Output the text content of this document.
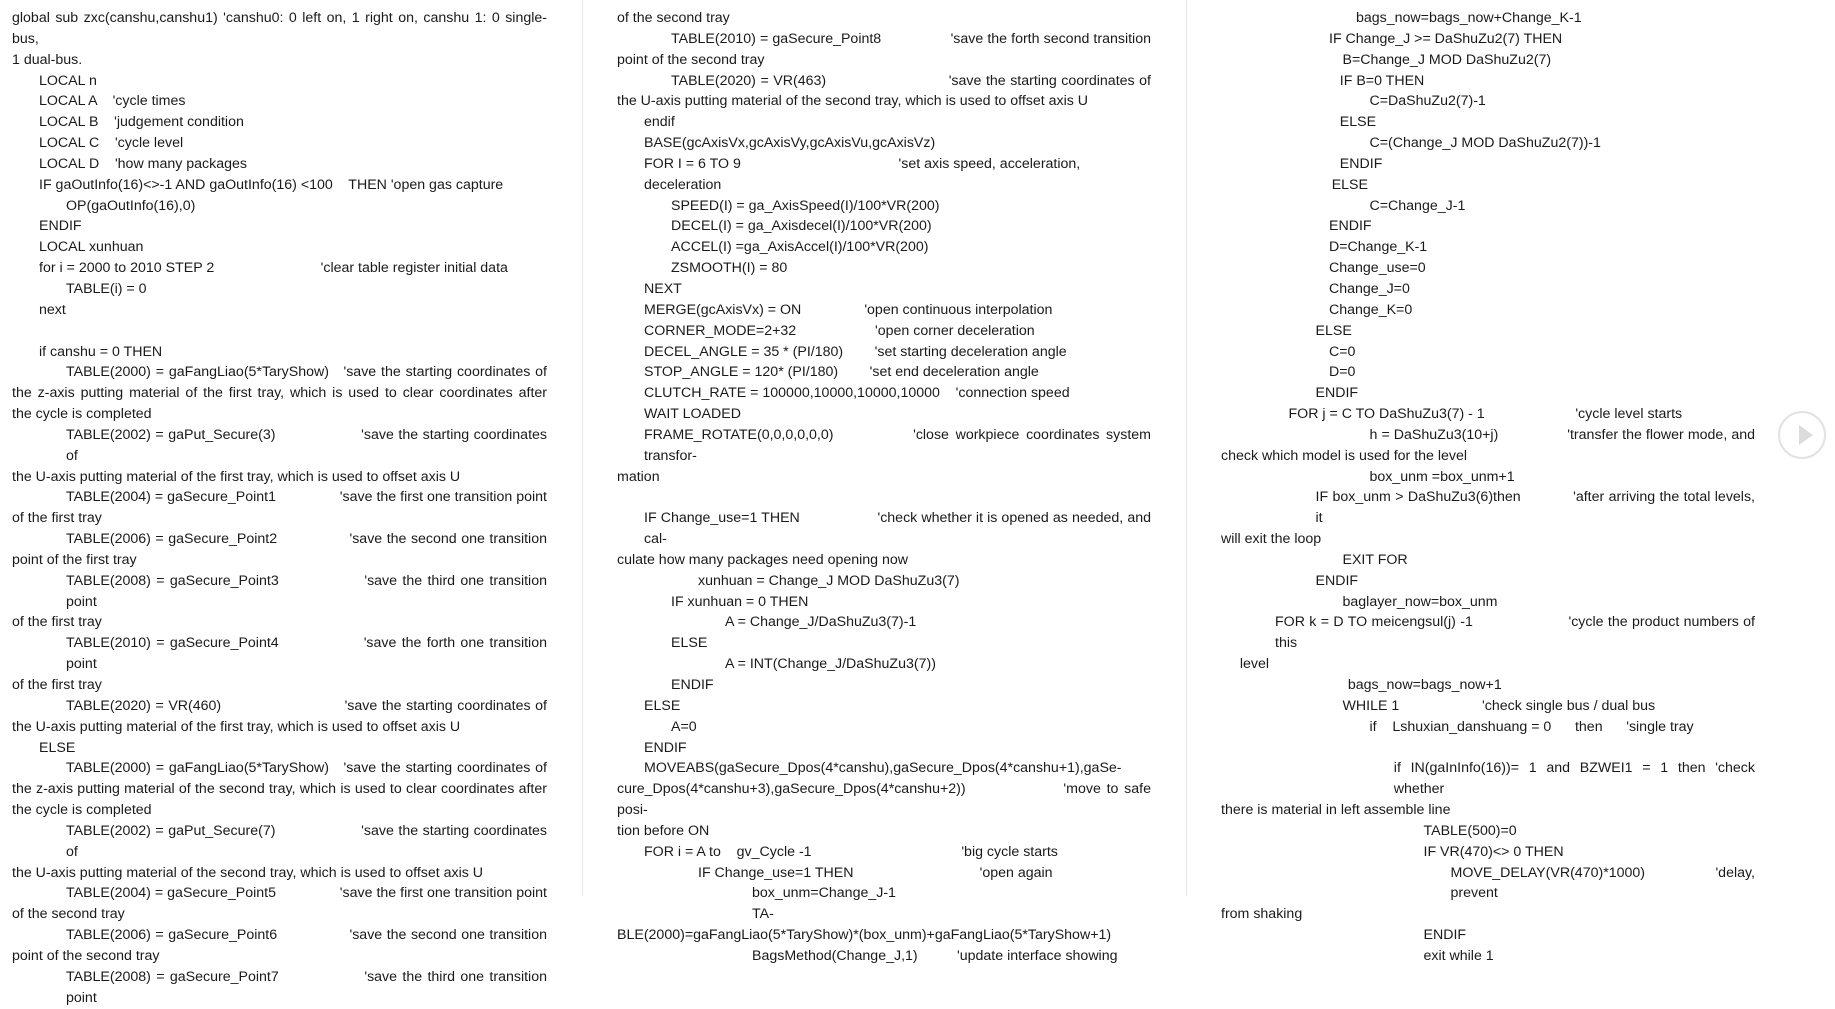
global sub zxc(canshu,canshu1) 'canshu0: 0 left on, 1 right on, canshu 1: 0 single-bus,
1 dual-bus.
LOCAL n
LOCAL A    'cycle times
LOCAL B    'judgement condition
LOCAL C    'cycle level
LOCAL D    'how many packages
IF gaOutInfo(16)<>-1 AND gaOutInfo(16) <100    THEN 'open gas capture
OP(gaOutInfo(16),0)
ENDIF
LOCAL xunhuan
for i = 2000 to 2010 STEP 2                           'clear table register initial data
TABLE(i) = 0
next
if canshu = 0 THEN
TABLE(2000) = gaFangLiao(5*TaryShow)   'save the starting coordinates of
the z-axis putting material of the first tray, which is used to clear coordinates after
the cycle is completed
TABLE(2002) = gaPut_Secure(3)                   'save the starting coordinates of
the U-axis putting material of the first tray, which is used to offset axis U
TABLE(2004) = gaSecure_Point1                'save the first one transition point
of the first tray
TABLE(2006) = gaSecure_Point2                'save the second one transition
point of the first tray
TABLE(2008) = gaSecure_Point3                'save the third one transition point
of the first tray
TABLE(2010) = gaSecure_Point4                'save the forth one transition point
of the first tray
TABLE(2020) = VR(460)                           'save the starting coordinates of
the U-axis putting material of the first tray, which is used to offset axis U
ELSE
TABLE(2000) = gaFangLiao(5*TaryShow)   'save the starting coordinates of
the z-axis putting material of the second tray, which is used to clear coordinates after
the cycle is completed
TABLE(2002) = gaPut_Secure(7)                   'save the starting coordinates of
the U-axis putting material of the second tray, which is used to offset axis U
TABLE(2004) = gaSecure_Point5                'save the first one transition point
of the second tray
TABLE(2006) = gaSecure_Point6                'save the second one transition
point of the second tray
TABLE(2008) = gaSecure_Point7                'save the third one transition point
of the second tray
TABLE(2010) = gaSecure_Point8                 'save the forth second transition
point of the second tray
TABLE(2020) = VR(463)                           'save the starting coordinates of
the U-axis putting material of the second tray, which is used to offset axis U
endif
BASE(gcAxisVx,gcAxisVy,gcAxisVu,gcAxisVz)
FOR I = 6 TO 9                                        'set axis speed, acceleration, deceleration
SPEED(I) = ga_AxisSpeed(I)/100*VR(200)
DECEL(I) = ga_Axisdecel(I)/100*VR(200)
ACCEL(I) =ga_AxisAccel(I)/100*VR(200)
ZSMOOTH(I) = 80
NEXT
MERGE(gcAxisVx) = ON                'open continuous interpolation
CORNER_MODE=2+32                    'open corner deceleration
DECEL_ANGLE = 35 * (PI/180)        'set starting deceleration angle
STOP_ANGLE = 120* (PI/180)        'set end deceleration angle
CLUTCH_RATE = 100000,10000,10000,10000    'connection speed
WAIT LOADED
FRAME_ROTATE(0,0,0,0,0,0)            'close workpiece coordinates system transfor-
mation
IF Change_use=1 THEN                   'check whether it is opened as needed, and cal-
culate how many packages need opening now
xunhuan = Change_J MOD DaShuZu3(7)
IF xunhuan = 0 THEN
A = Change_J/DaShuZu3(7)-1
ELSE
A = INT(Change_J/DaShuZu3(7))
ENDIF
ELSE
A=0
ENDIF
MOVEABS(gaSecure_Dpos(4*canshu),gaSecure_Dpos(4*canshu+1),gaSe-
cure_Dpos(4*canshu+3),gaSecure_Dpos(4*canshu+2))                 'move to safe posi-
tion before ON
FOR i = A to    gv_Cycle -1                                      'big cycle starts
IF Change_use=1 THEN                                'open again
box_unm=Change_J-1
TA-
BLE(2000)=gaFangLiao(5*TaryShow)*(box_unm)+gaFangLiao(5*TaryShow+1)
BagsMethod(Change_J,1)          'update interface showing
bags_now=bags_now+Change_K-1
IF Change_J >= DaShuZu2(7) THEN
B=Change_J MOD DaShuZu2(7)
IF B=0 THEN
C=DaShuZu2(7)-1
ELSE
C=(Change_J MOD DaShuZu2(7))-1
ENDIF
ELSE
C=Change_J-1
ENDIF
D=Change_K-1
Change_use=0
Change_J=0
Change_K=0
ELSE
C=0
D=0
ENDIF
FOR j = C TO DaShuZu3(7) - 1                       'cycle level starts
h = DaShuZu3(10+j)                 'transfer the flower mode, and
check which model is used for the level
box_unm =box_unm+1
IF box_unm > DaShuZu3(6)then            'after arriving the total levels, it
will exit the loop
EXIT FOR
ENDIF
baglayer_now=box_unm
FOR k = D TO meicengsul(j) -1                      'cycle the product numbers of this
level
bags_now=bags_now+1
WHILE 1                     'check single bus / dual bus
if    Lshuxian_danshuang = 0      then      'single tray
if IN(gaInInfo(16))= 1 and BZWEI1 = 1 then 'check whether
there is material in left assemble line
TABLE(500)=0
IF VR(470)<> 0 THEN
MOVE_DELAY(VR(470)*1000)        'delay,     prevent
from shaking
ENDIF
exit while 1
